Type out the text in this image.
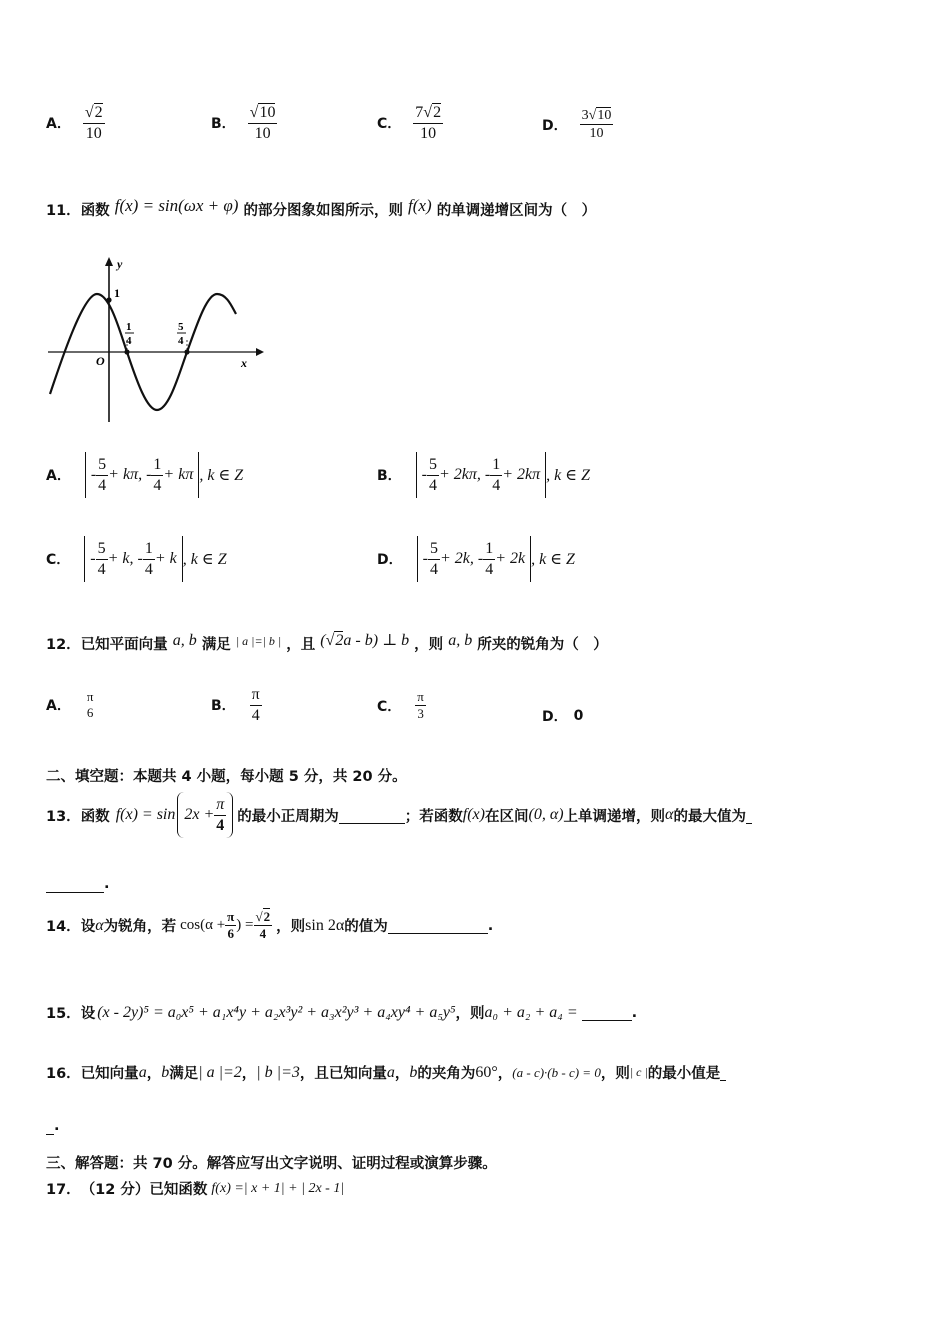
A． $\frac{√2}{10}$	B． $\frac{√10}{10}$	C． $\frac{7√2}{10}$	D． $\frac{3√10}{10}$
11．函数 f(x) = sin(ωx + φ) 的部分图象如图所示，则 f(x) 的单调递增区间为（　）
y
x
O
1
1
4
5
4
A． - $\frac{5}{4} + k\pi$, - $\frac{1}{4} + k\pi$ , k ∈ Z	B． - $\frac{5}{4} + 2k\pi$, - $\frac{1}{4} + 2k\pi$ , k ∈ Z
C． - $\frac{5}{4} + k$, - $\frac{1}{4} + k$ , k ∈ Z	D． - $\frac{5}{4} + 2k$, - $\frac{1}{4} + 2k$ , k ∈ Z
12．已知平面向量 a, b 满足 $^{| a |=| b |}$ ，且 (√2a - b) ⊥ b ，则 a, b 所夹的锐角为（　）
A．
π
6	B． $\frac{\pi}{4}$	C． $\frac{\pi}{3}$	D． 0
二、填空题：本题共 4 小题，每小题 5 分，共 20 分。
13． 函数 $f(x) = \sin 2x + \frac{\pi}{4}$ 的最小正周期为
	；若函数 f(x) 在区间 (0, α) 上单调递增，则 α 的最大值为

.
14． 设 α 为锐角，若 $\cos(\alpha + \frac{\pi}{6}$ ) = $\frac{√2}{4}$ ，则 sin 2α 的值为
	.
15． 设 (x - 2y)⁵ = a₀x⁵ + a₁x⁴y + a₂x³y² + a₃x²y³ + a₄xy⁴ + a₅y⁵ ，则 a₀ + a₂ + a₄ =
	.
16． 已知向量 a ， b 满足 | a |=2 ， | b |=3 ，且已知向量 a ， b 的夹角为 60° ， (a - c)·(b - c) = 0 ，则 | c | 的最小值是

.
三、解答题：共 70 分。解答应写出文字说明、证明过程或演算步骤。
17． （12 分）已知函数 f(x) =| x + 1| + | 2x - 1|
